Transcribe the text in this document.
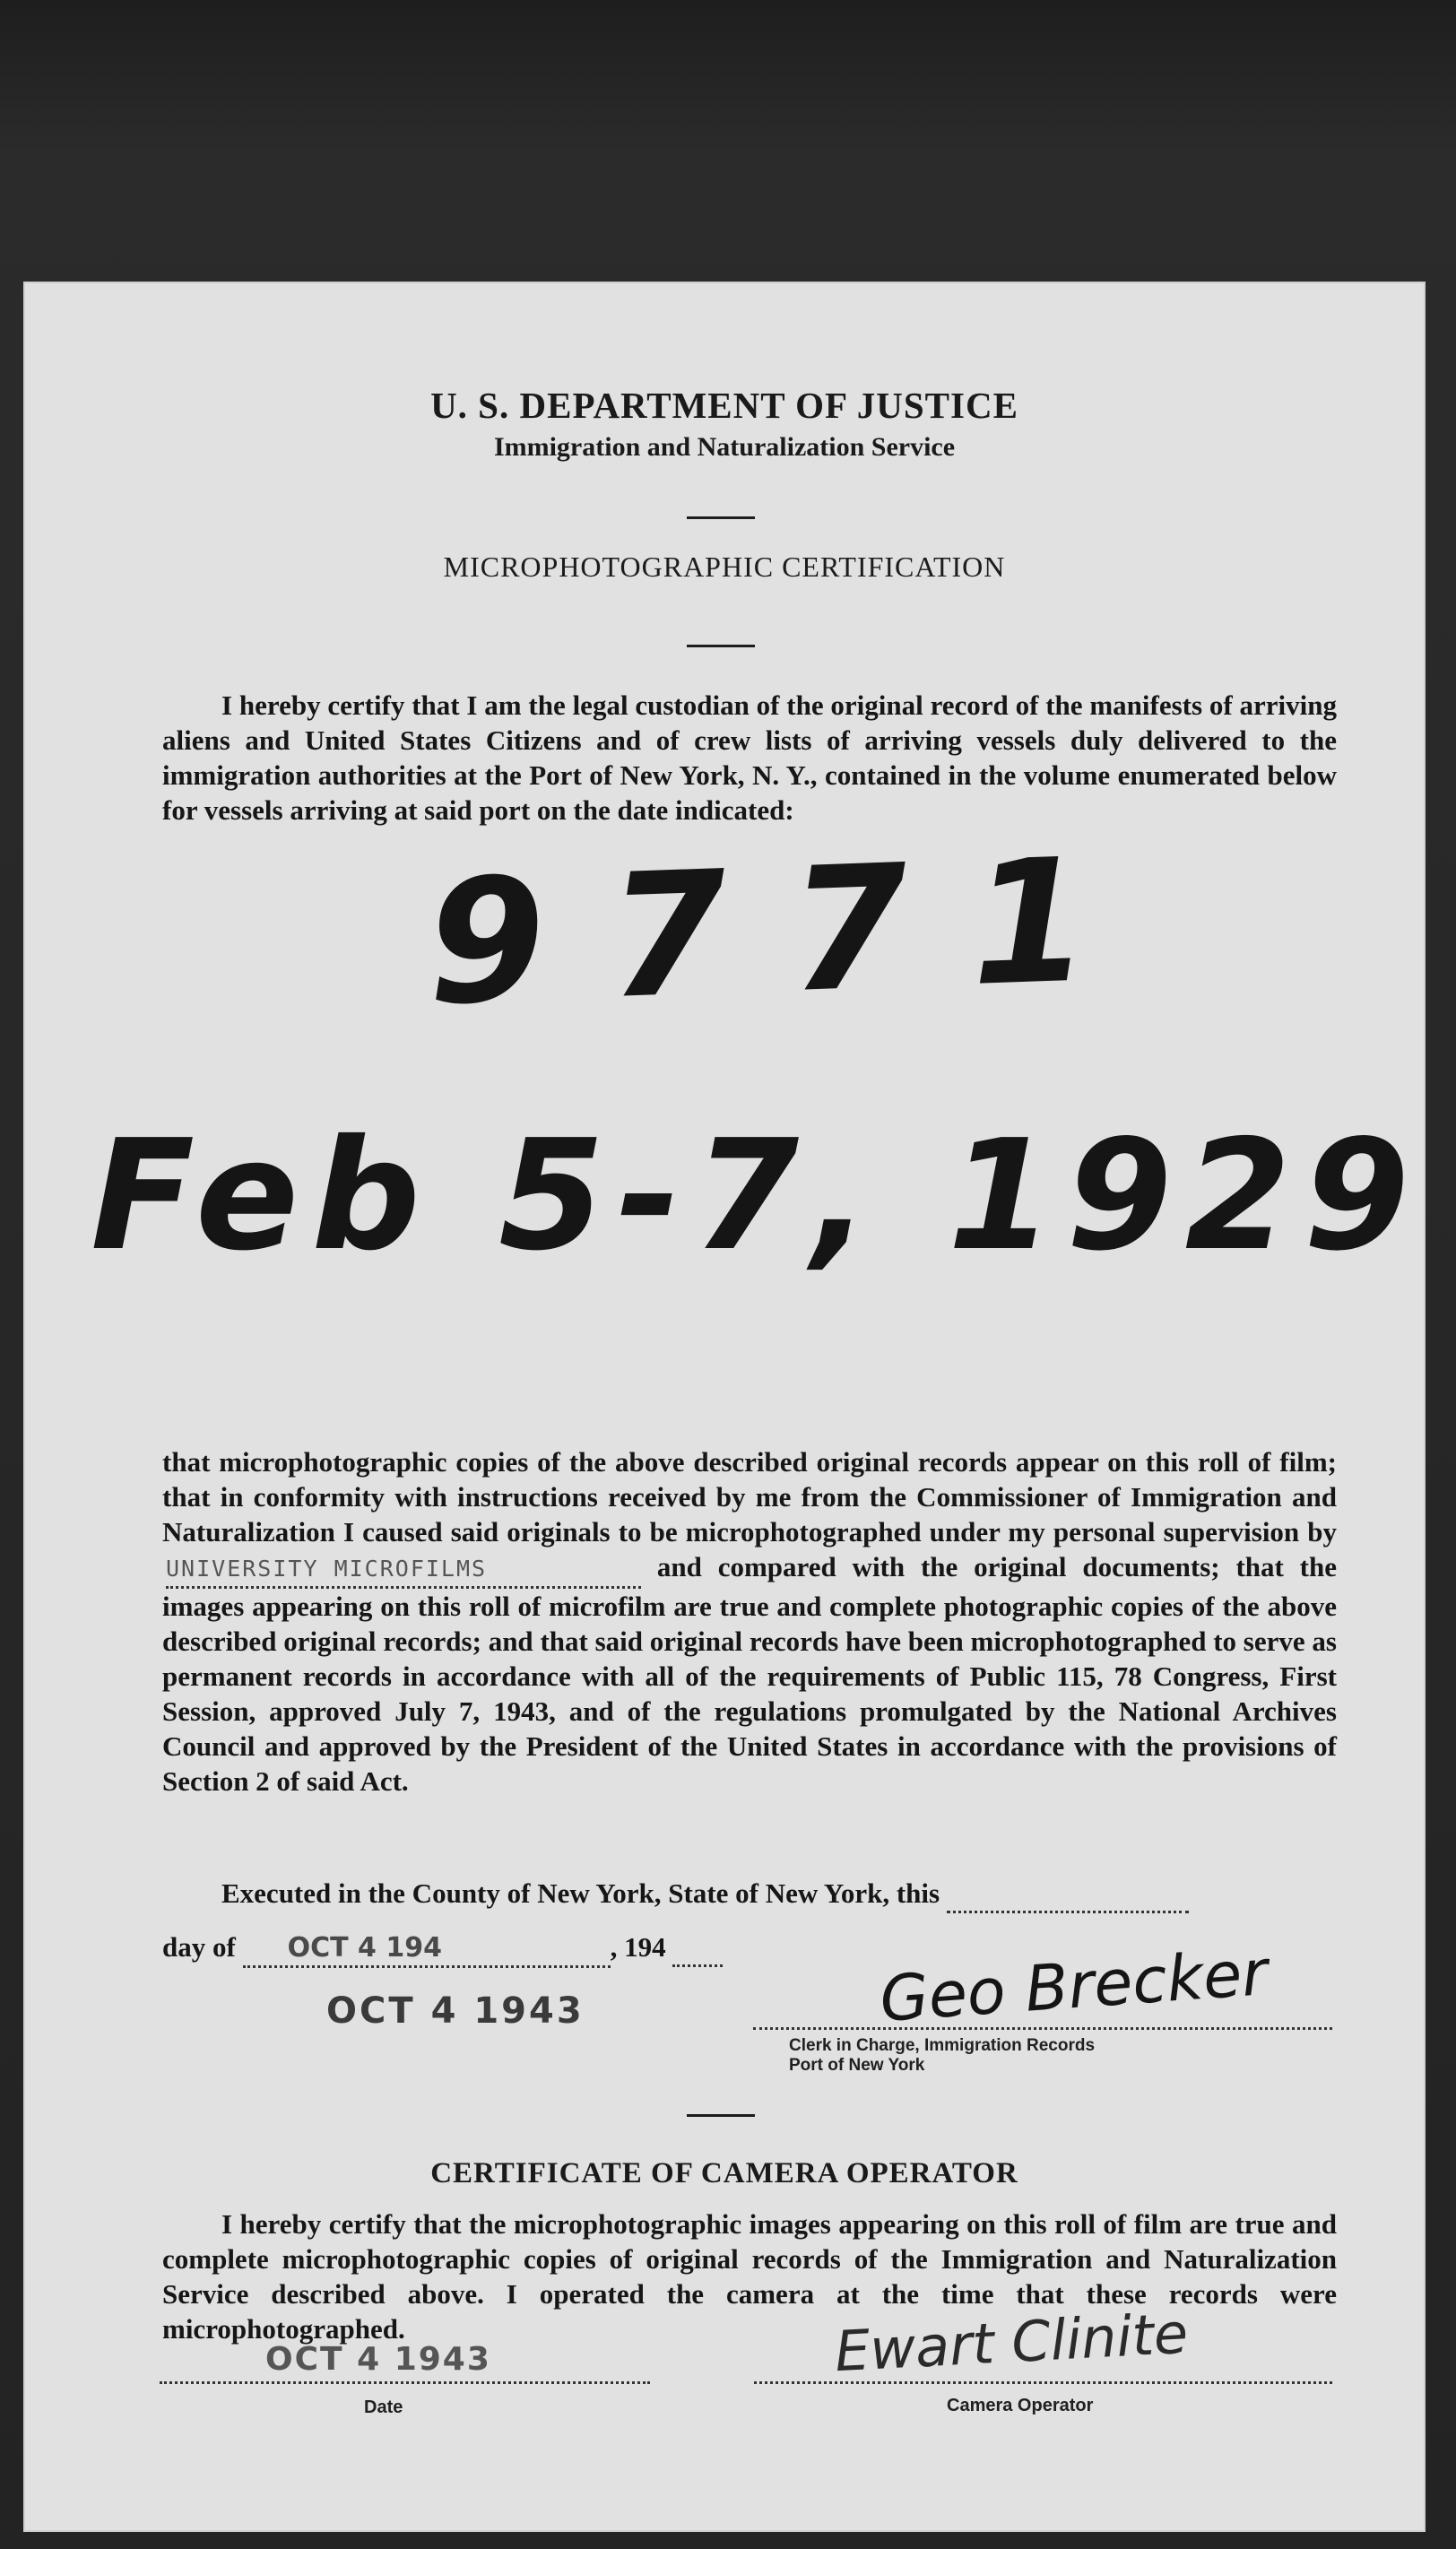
U. S. DEPARTMENT OF JUSTICE
Immigration and Naturalization Service
MICROPHOTOGRAPHIC CERTIFICATION

I hereby certify that I am the legal custodian of the original record of the manifests of arriving aliens and United States Citizens and of crew lists of arriving vessels duly delivered to the immigration authorities at the Port of New York, N. Y., contained in the volume enumerated below for vessels arriving at said port on the date indicated:

9771
Feb 5-7, 1929

that microphotographic copies of the above described original records appear on this roll of film; that in conformity with instructions received by me from the Commissioner of Immigration and Naturalization I caused said originals to be microphotographed under my personal supervision by UNIVERSITY MICROFILMS	and compared with the original documents; that the images appearing on this roll of microfilm are true and complete photographic copies of the above described original records; and that said original records have been microphotographed to serve as permanent records in accordance with all of the requirements of Public 115, 78 Congress, First Session, approved July 7, 1943, and of the regulations promulgated by the National Archives Council and approved by the President of the United States in accordance with the provisions of Section 2 of said Act.

Executed in the County of New York, State of New York, this

day of OCT 4 194	, 194
OCT 4 1943	Geo Brecker
Clerk in Charge, Immigration Records
Port of New York
CERTIFICATE OF CAMERA OPERATOR

I hereby certify that the microphotographic images appearing on this roll of film are true and complete microphotographic copies of original records of the Immigration and Naturalization Service described above. I operated the camera at the time that these records were microphotographed.

OCT 4 1943
Date
Ewart Clinite
Camera Operator
